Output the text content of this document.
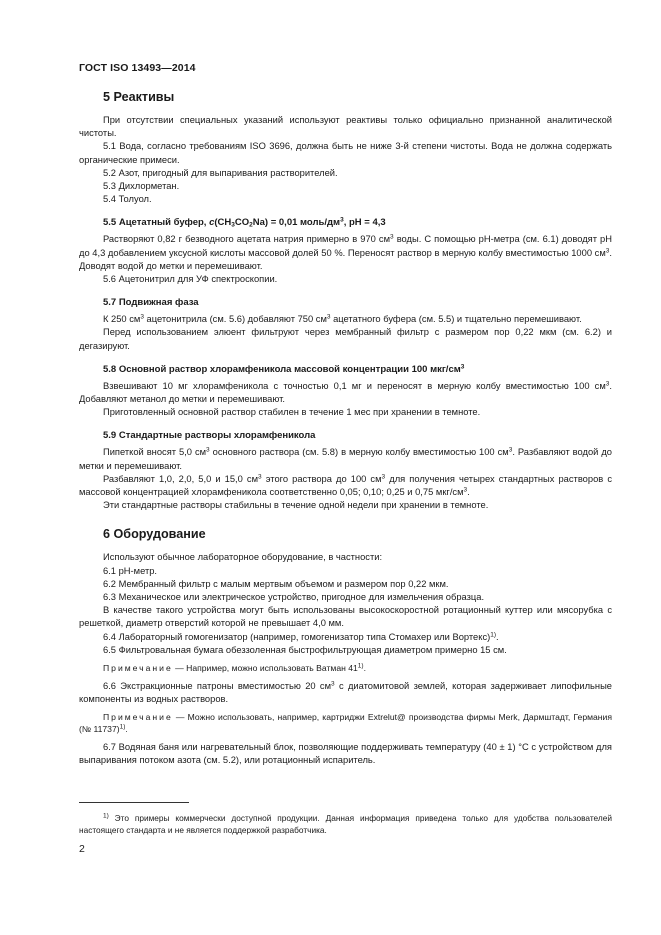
ГОСТ ISO 13493—2014
5 Реактивы

При отсутствии специальных указаний используют реактивы только официально признанной аналитической чистоты.

5.1 Вода, согласно требованиям ISO 3696, должна быть не ниже 3-й степени чистоты. Вода не должна содержать органические примеси.

5.2 Азот, пригодный для выпаривания растворителей.

5.3 Дихлорметан.

5.4 Толуол.

5.5 Ацетатный буфер, $c(CH_3CO_2Na) = 0,01$ моль/$дм^3$, pH = 4,3

Растворяют 0,82 г безводного ацетата натрия примерно в 970 $см^3$ воды. С помощью рН-метра (см. 6.1) доводят pH до 4,3 добавлением уксусной кислоты массовой долей 50 %. Переносят раствор в мерную колбу вместимостью 1000 $см^3$. Доводят водой до метки и перемешивают.

5.6 Ацетонитрил для УФ спектроскопии.

5.7 Подвижная фаза

К 250 $см^3$ ацетонитрила (см. 5.6) добавляют 750 $см^3$ ацетатного буфера (см. 5.5) и тщательно перемешивают.

Перед использованием элюент фильтруют через мембранный фильтр с размером пор 0,22 мкм (см. 6.2) и дегазируют.

5.8 Основной раствор хлорамфеникола массовой концентрации 100 мкг/$см^3$

Взвешивают 10 мг хлорамфеникола с точностью 0,1 мг и переносят в мерную колбу вместимостью 100 $см^3$. Добавляют метанол до метки и перемешивают.

Приготовленный основной раствор стабилен в течение 1 мес при хранении в темноте.

5.9 Стандартные растворы хлорамфеникола

Пипеткой вносят 5,0 $см^3$ основного раствора (см. 5.8) в мерную колбу вместимостью 100 $см^3$. Разбавляют водой до метки и перемешивают.

Разбавляют 1,0, 2,0, 5,0 и 15,0 $см^3$ этого раствора до 100 $см^3$ для получения четырех стандартных растворов с массовой концентрацией хлорамфеникола соответственно 0,05; 0,10; 0,25 и 0,75 мкг/$см^3$.

Эти стандартные растворы стабильны в течение одной недели при хранении в темноте.

6 Оборудование

Используют обычное лабораторное оборудование, в частности:

6.1 рН-метр.

6.2 Мембранный фильтр с малым мертвым объемом и размером пор 0,22 мкм.

6.3 Механическое или электрическое устройство, пригодное для измельчения образца.

В качестве такого устройства могут быть использованы высокоскоростной ротационный куттер или мясорубка с решеткой, диаметр отверстий которой не превышает 4,0 мм.

6.4 Лабораторный гомогенизатор (например, гомогенизатор типа Стомахер или Вортекс)$^{1)}$.

6.5 Фильтровальная бумага обеззоленная быстрофильтрующая диаметром примерно 15 см.

Примечание — Например, можно использовать Ватман 41$^{1)}$.

6.6 Экстракционные патроны вместимостью 20 $см^3$ с диатомитовой землей, которая задерживает липофильные компоненты из водных растворов.

Примечание — Можно использовать, например, картриджи Extrelut@ производства фирмы Merk, Дармштадт, Германия (№ 11737)$^{1)}$.

6.7 Водяная баня или нагревательный блок, позволяющие поддерживать температуру (40 ± 1) °С с устройством для выпаривания потоком азота (см. 5.2), или ротационный испаритель.

$^{1)}$ Это примеры коммерчески доступной продукции. Данная информация приведена только для удобства пользователей настоящего стандарта и не является поддержкой разработчика.
2
